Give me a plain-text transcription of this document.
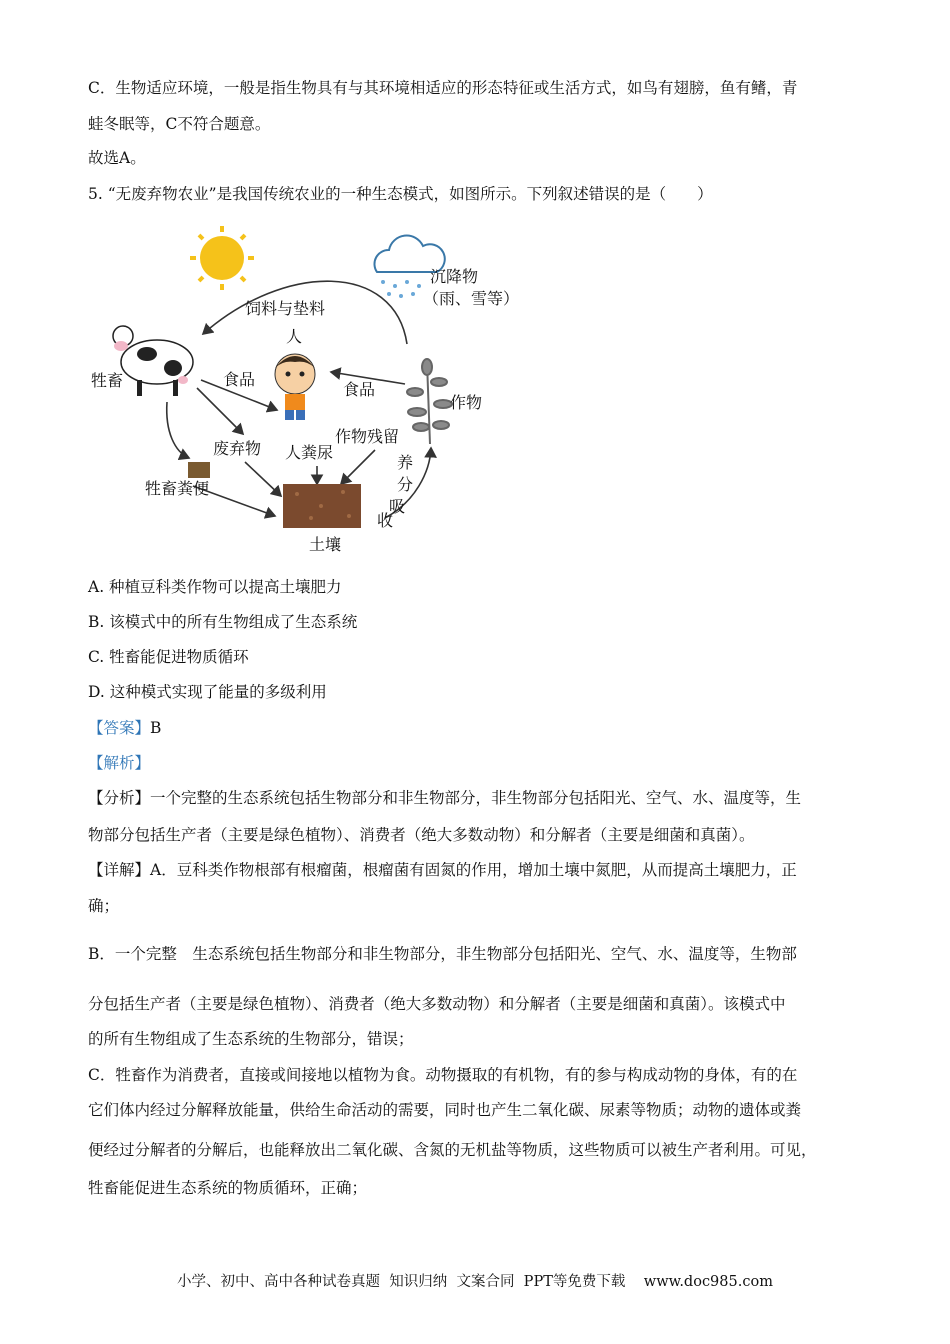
C．生物适应环境，一般是指生物具有与其环境相适应的形态特征或生活方式，如鸟有翅膀，鱼有鳍，青
蛙冬眠等，C不符合题意。
故选A。
5. “无废弃物农业”是我国传统农业的一种生态模式，如图所示。下列叙述错误的是（　　）
沉降物
（雨、雪等）
饲料与垫料
牲畜
人
作物
食品
食品
废弃物
牲畜粪便
人粪尿
作物残留
土壤
养
分
吸
收
A. 种植豆科类作物可以提高土壤肥力
B. 该模式中的所有生物组成了生态系统
C. 牲畜能促进物质循环
D. 这种模式实现了能量的多级利用
【答案】B
【解析】
【分析】一个完整的生态系统包括生物部分和非生物部分，非生物部分包括阳光、空气、水、温度等，生
物部分包括生产者（主要是绿色植物）、消费者（绝大多数动物）和分解者（主要是细菌和真菌）。
【详解】A．豆科类作物根部有根瘤菌，根瘤菌有固氮的作用，增加土壤中氮肥，从而提高土壤肥力，正
确；
B．一个完整　生态系统包括生物部分和非生物部分，非生物部分包括阳光、空气、水、温度等，生物部
分包括生产者（主要是绿色植物）、消费者（绝大多数动物）和分解者（主要是细菌和真菌）。该模式中
的所有生物组成了生态系统的生物部分，错误；
C．牲畜作为消费者，直接或间接地以植物为食。动物摄取的有机物，有的参与构成动物的身体，有的在
它们体内经过分解释放能量，供给生命活动的需要，同时也产生二氧化碳、尿素等物质；动物的遗体或粪
便经过分解者的分解后，也能释放出二氧化碳、含氮的无机盐等物质，这些物质可以被生产者利用。可见，
牲畜能促进生态系统的物质循环，正确；
小学、初中、高中各种试卷真题  知识归纳  文案合同  PPT等免费下载    www.doc985.com
